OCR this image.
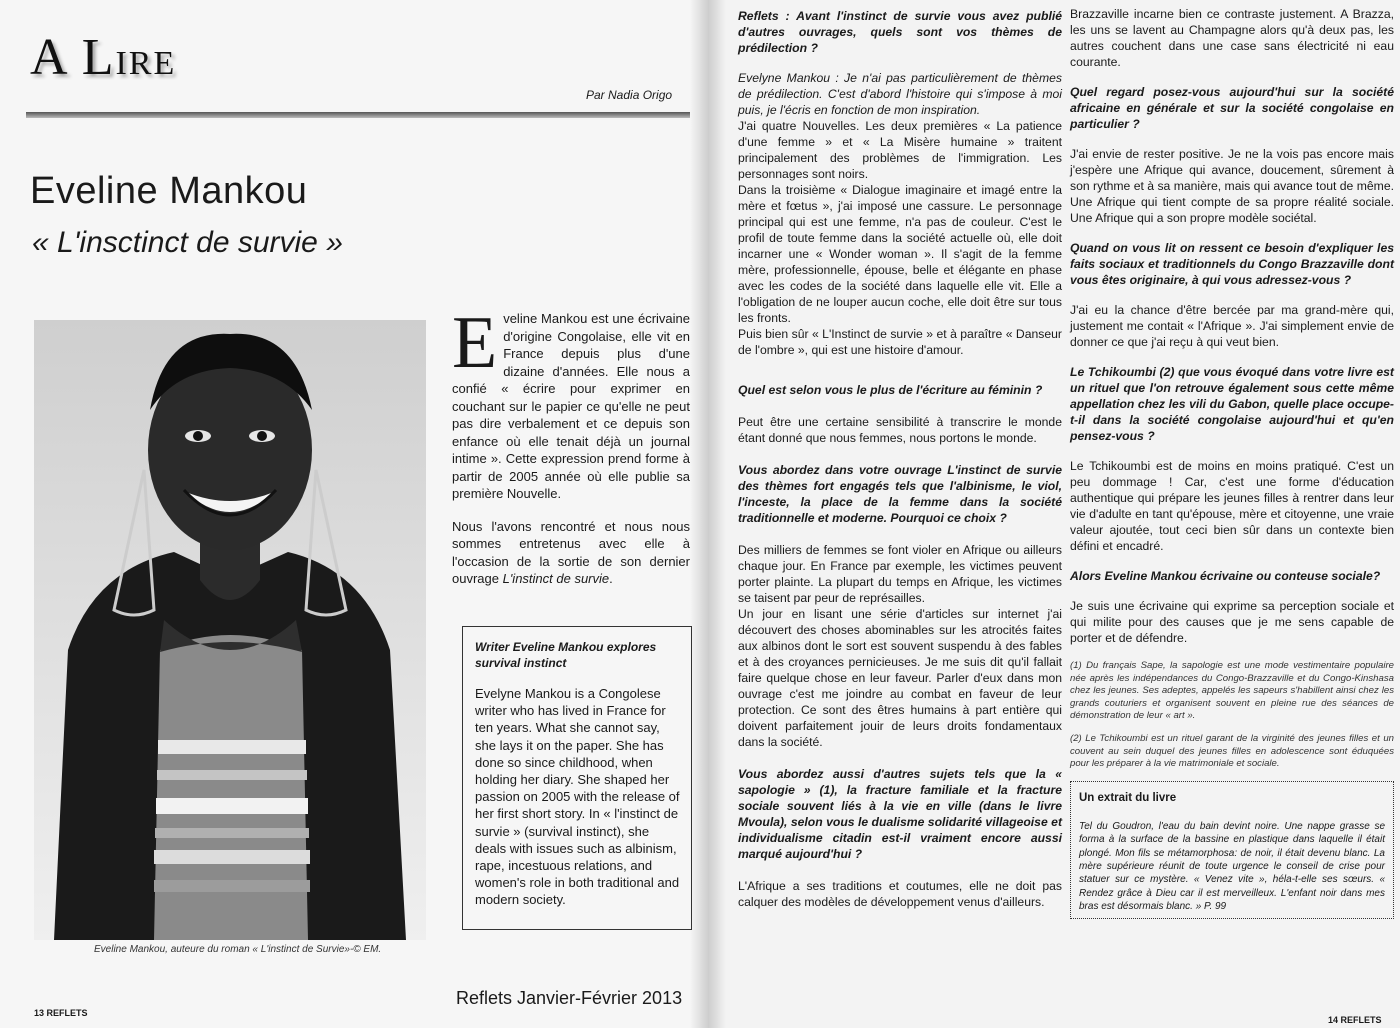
A LIRE
Par Nadia Origo
Eveline Mankou
« L'insctinct de survie »
Eveline Mankou, auteure du roman « L'instinct de Survie»-© EM.

Eveline Mankou est une écrivaine d'origine Congolaise, elle vit en France depuis plus d'une dizaine d'années. Elle nous a confié « écrire pour exprimer en couchant sur le papier ce qu'elle ne peut pas dire verbalement et ce depuis son enfance où elle tenait déjà un journal intime ». Cette expression prend forme à partir de 2005 année où elle publie sa première Nouvelle.

Nous l'avons rencontré et nous nous sommes entretenus avec elle à l'occasion de la sortie de son dernier ouvrage L'instinct de survie.

Writer Eveline Mankou explores survival instinct
Evelyne Mankou is a Congolese writer who has lived in France for ten years. What she cannot say, she lays it on the paper. She has done so since childhood, when holding her diary. She shaped her passion on 2005 with the release of her first short story. In « l'instinct de survie » (survival instinct), she deals with issues such as albinism, rape, incestuous relations, and women's role in both traditional and modern society.
Reflets Janvier-Février 2013
13 REFLETS

Reflets : Avant l'instinct de survie vous avez publié d'autres ouvrages, quels sont vos thèmes de prédilection ?

Evelyne Mankou : Je n'ai pas particulièrement de thèmes de prédilection. C'est d'abord l'histoire qui s'impose à moi puis, je l'écris en fonction de mon inspiration.

J'ai quatre Nouvelles. Les deux premières « La patience d'une femme » et « La Misère humaine » traitent principalement des problèmes de l'immigration. Les personnages sont noirs.

Dans la troisième « Dialogue imaginaire et imagé entre la mère et fœtus », j'ai imposé une cassure. Le personnage principal qui est une femme, n'a pas de couleur. C'est le profil de toute femme dans la société actuelle où, elle doit incarner une « Wonder woman ». Il s'agit de la femme mère, professionnelle, épouse, belle et élégante en phase avec les codes de la société dans laquelle elle vit. Elle a l'obligation de ne louper aucun coche, elle doit être sur tous les fronts.

Puis bien sûr « L'Instinct de survie » et à paraître « Danseur de l'ombre », qui est une histoire d'amour.

Quel est selon vous le plus de l'écriture au féminin ?

Peut être une certaine sensibilité à transcrire le monde étant donné que nous femmes, nous portons le monde.

Vous abordez dans votre ouvrage L'instinct de survie des thèmes fort engagés tels que l'albinisme, le viol, l'inceste, la place de la femme dans la société traditionnelle et moderne. Pourquoi ce choix ?

Des milliers de femmes se font violer en Afrique ou ailleurs chaque jour. En France par exemple, les victimes peuvent porter plainte. La plupart du temps en Afrique, les victimes se taisent par peur de représailles.

Un jour en lisant une série d'articles sur internet j'ai découvert des choses abominables sur les atrocités faites aux albinos dont le sort est souvent suspendu à des fables et à des croyances pernicieuses. Je me suis dit qu'il fallait faire quelque chose en leur faveur. Parler d'eux dans mon ouvrage c'est me joindre au combat en faveur de leur protection. Ce sont des êtres humains à part entière qui doivent parfaitement jouir de leurs droits fondamentaux dans la société.

Vous abordez aussi d'autres sujets tels que la « sapologie » (1), la fracture familiale et la fracture sociale souvent liés à la vie en ville (dans le livre Mvoula), selon vous le dualisme solidarité villageoise et individualisme citadin est-il vraiment encore aussi marqué aujourd'hui ?

L'Afrique a ses traditions et coutumes, elle ne doit pas calquer des modèles de développement venus d'ailleurs.

Brazzaville incarne bien ce contraste justement. A Brazza, les uns se lavent au Champagne alors qu'à deux pas, les autres couchent dans une case sans électricité ni eau courante.

Quel regard posez-vous aujourd'hui sur la société africaine en générale et sur la société congolaise en particulier ?

J'ai envie de rester positive. Je ne la vois pas encore mais j'espère une Afrique qui avance, doucement, sûrement à son rythme et à sa manière, mais qui avance tout de même. Une Afrique qui tient compte de sa propre réalité sociale. Une Afrique qui a son propre modèle sociétal.

Quand on vous lit on ressent ce besoin d'expliquer les faits sociaux et traditionnels du Congo Brazzaville dont vous êtes originaire, à qui vous adressez-vous ?

J'ai eu la chance d'être bercée par ma grand-mère qui, justement me contait « l'Afrique ». J'ai simplement envie de donner ce que j'ai reçu à qui veut bien.

Le Tchikoumbi (2) que vous évoqué dans votre livre est un rituel que l'on retrouve également sous cette même appellation chez les vili du Gabon, quelle place occupe-t-il dans la société congolaise aujourd'hui et qu'en pensez-vous ?

Le Tchikoumbi est de moins en moins pratiqué. C'est un peu dommage ! Car, c'est une forme d'éducation authentique qui prépare les jeunes filles à rentrer dans leur vie d'adulte en tant qu'épouse, mère et citoyenne, une vraie valeur ajoutée, tout ceci bien sûr dans un contexte bien défini et encadré.

Alors Eveline Mankou écrivaine ou conteuse sociale?

Je suis une écrivaine qui exprime sa perception sociale et qui milite pour des causes que je me sens capable de porter et de défendre.

(1) Du français Sape, la sapologie est une mode vestimentaire populaire née après les indépendances du Congo-Brazzaville et du Congo-Kinshasa chez les jeunes. Ses adeptes, appelés les sapeurs s'habillent ainsi chez les grands couturiers et organisent souvent en pleine rue des séances de démonstration de leur « art ».

(2) Le Tchikoumbi est un rituel garant de la virginité des jeunes filles et un couvent au sein duquel des jeunes filles en adolescence sont éduquées pour les préparer à la vie matrimoniale et sociale.

Un extrait du livre
Tel du Goudron, l'eau du bain devint noire. Une nappe grasse se forma à la surface de la bassine en plastique dans laquelle il était plongé. Mon fils se métamorphosa: de noir, il était devenu blanc. La mère supérieure réunit de toute urgence le conseil de crise pour statuer sur ce mystère. « Venez vite », héla-t-elle ses sœurs. « Rendez grâce à Dieu car il est merveilleux. L'enfant noir dans mes bras est désormais blanc. » P. 99
14 REFLETS
